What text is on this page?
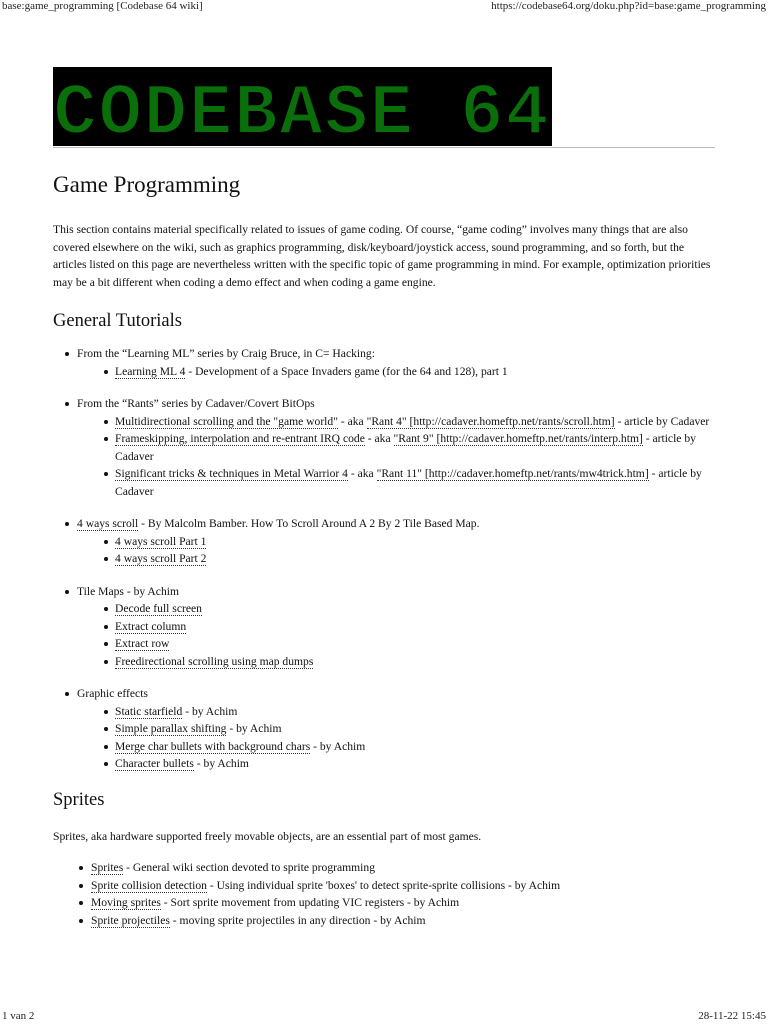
base:game_programming [Codebase 64 wiki]	https://codebase64.org/doku.php?id=base:game_programming
CODEBASE 64
Game Programming

This section contains material specifically related to issues of game coding. Of course, “game coding” involves many things that are also covered elsewhere on the wiki, such as graphics programming, disk/keyboard/joystick access, sound programming, and so forth, but the articles listed on this page are nevertheless written with the specific topic of game programming in mind. For example, optimization priorities may be a bit different when coding a demo effect and when coding a game engine.

General Tutorials
From the “Learning ML” series by Craig Bruce, in C= Hacking:
Learning ML 4 - Development of a Space Invaders game (for the 64 and 128), part 1
From the “Rants” series by Cadaver/Covert BitOps
Multidirectional scrolling and the "game world" - aka "Rant 4" [http://cadaver.homeftp.net/rants/scroll.htm] - article by Cadaver
Frameskipping, interpolation and re-entrant IRQ code - aka "Rant 9" [http://cadaver.homeftp.net/rants/interp.htm] - article by Cadaver
Significant tricks & techniques in Metal Warrior 4 - aka "Rant 11" [http://cadaver.homeftp.net/rants/mw4trick.htm] - article by Cadaver
4 ways scroll - By Malcolm Bamber. How To Scroll Around A 2 By 2 Tile Based Map.
4 ways scroll Part 1
4 ways scroll Part 2
Tile Maps - by Achim
Decode full screen
Extract column
Extract row
Freedirectional scrolling using map dumps
Graphic effects
Static starfield - by Achim
Simple parallax shifting - by Achim
Merge char bullets with background chars - by Achim
Character bullets - by Achim
Sprites

Sprites, aka hardware supported freely movable objects, are an essential part of most games.

Sprites - General wiki section devoted to sprite programming
Sprite collision detection - Using individual sprite 'boxes' to detect sprite-sprite collisions - by Achim
Moving sprites - Sort sprite movement from updating VIC registers - by Achim
Sprite projectiles - moving sprite projectiles in any direction - by Achim
1 van 2	28-11-22 15:45
